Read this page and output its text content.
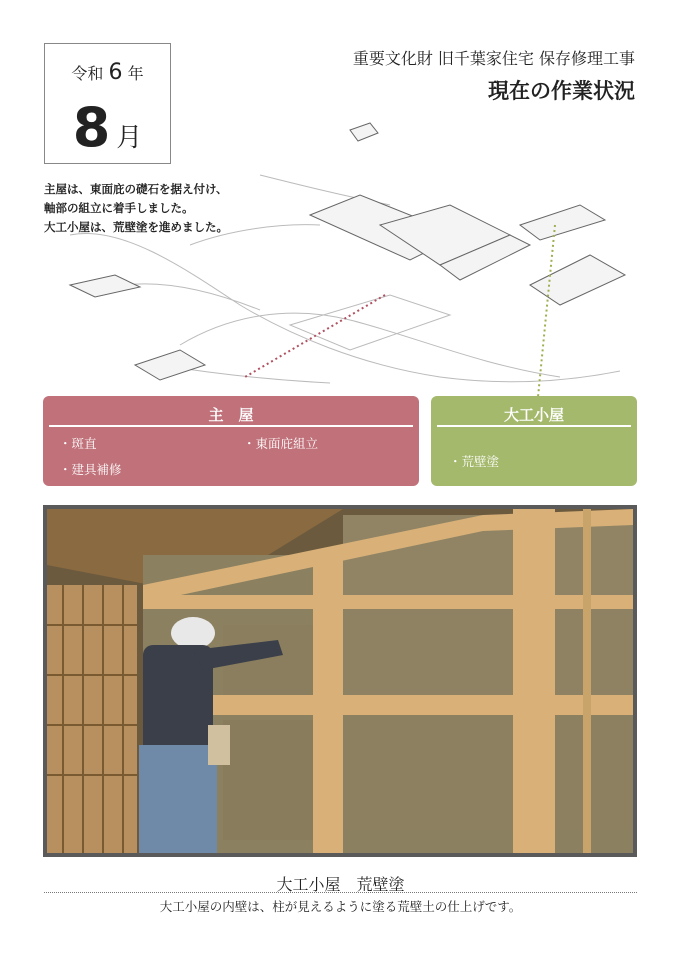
令和 6 年
8 月
重要文化財 旧千葉家住宅 保存修理工事
現在の作業状況
主屋は、東面庇の礎石を据え付け、
軸部の組立に着手しました。
大工小屋は、荒壁塗を進めました。
主　屋
・斑直	・東面庇組立
・建具補修
大工小屋
・荒壁塗
大工小屋　荒壁塗
大工小屋の内壁は、柱が見えるように塗る荒壁土の仕上げです。
